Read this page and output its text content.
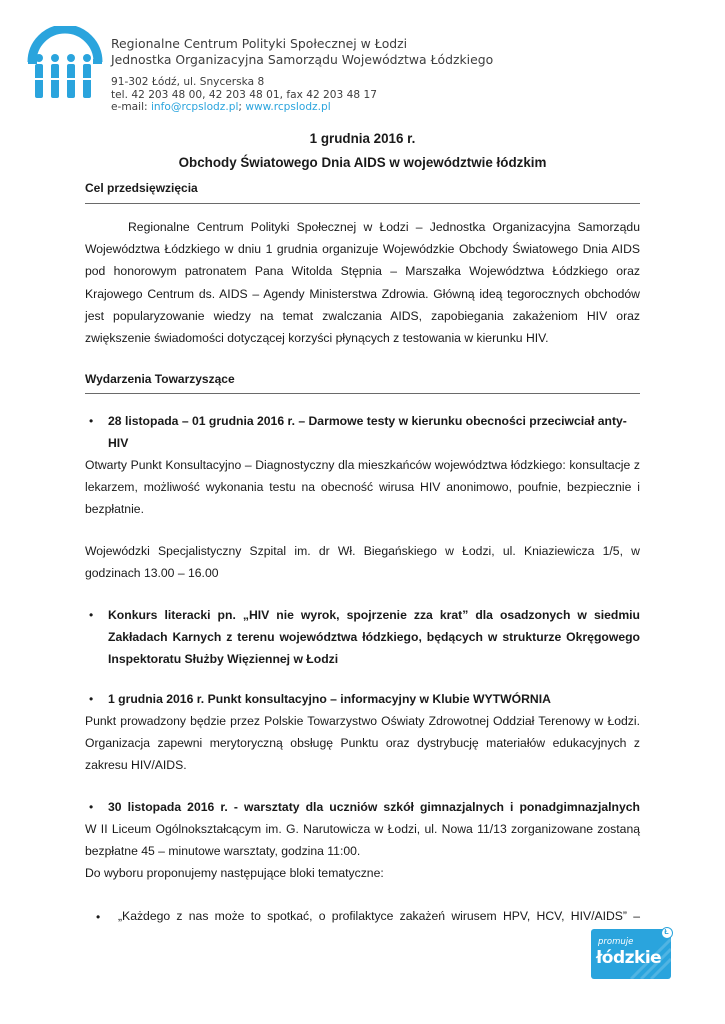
Regionalne Centrum Polityki Społecznej w Łodzi
Jednostka Organizacyjna Samorządu Województwa Łódzkiego
91-302 Łódź, ul. Snycerska 8
tel. 42 203 48 00, 42 203 48 01, fax 42 203 48 17
e-mail: info@rcpslodz.pl; www.rcpslodz.pl
1 grudnia 2016 r.
Obchody Światowego Dnia AIDS w województwie łódzkim
Cel przedsięwzięcia
Regionalne Centrum Polityki Społecznej w Łodzi – Jednostka Organizacyjna Samorządu Województwa Łódzkiego w dniu 1 grudnia organizuje Wojewódzkie Obchody Światowego Dnia AIDS pod honorowym patronatem Pana Witolda Stępnia – Marszałka Województwa Łódzkiego oraz Krajowego Centrum ds. AIDS – Agendy Ministerstwa Zdrowia. Główną ideą tegorocznych obchodów jest popularyzowanie wiedzy na temat zwalczania AIDS, zapobiegania zakażeniom HIV oraz zwiększenie świadomości dotyczącej korzyści płynących z testowania w kierunku HIV.
Wydarzenia Towarzyszące
• 28 listopada – 01 grudnia 2016 r. – Darmowe testy w kierunku obecności przeciwciał anty-HIV
Otwarty Punkt Konsultacyjno – Diagnostyczny dla mieszkańców województwa łódzkiego: konsultacje z lekarzem, możliwość wykonania testu na obecność wirusa HIV anonimowo, poufnie, bezpiecznie i bezpłatnie.
Wojewódzki Specjalistyczny Szpital im. dr Wł. Biegańskiego w Łodzi, ul. Kniaziewicza 1/5, w godzinach 13.00 – 16.00
• Konkurs literacki pn. „HIV nie wyrok, spojrzenie zza krat” dla osadzonych w siedmiu Zakładach Karnych z terenu województwa łódzkiego, będących w strukturze Okręgowego Inspektoratu Służby Więziennej w Łodzi
• 1 grudnia 2016 r. Punkt konsultacyjno – informacyjny w Klubie WYTWÓRNIA
Punkt prowadzony będzie przez Polskie Towarzystwo Oświaty Zdrowotnej Oddział Terenowy w Łodzi. Organizacja zapewni merytoryczną obsługę Punktu oraz dystrybucję materiałów edukacyjnych z zakresu HIV/AIDS.
• 30 listopada 2016 r. - warsztaty dla uczniów szkół gimnazjalnych i ponadgimnazjalnych
W II Liceum Ogólnokształcącym im. G. Narutowicza w Łodzi, ul. Nowa 11/13 zorganizowane zostaną
bezpłatne 45 – minutowe warsztaty, godzina 11:00.
Do wyboru proponujemy następujące bloki tematyczne:
• „Każdego z nas może to spotkać, o profilaktyce zakażeń wirusem HPV, HCV, HIV/AIDS” –
promuje
łódzkie
Ł
